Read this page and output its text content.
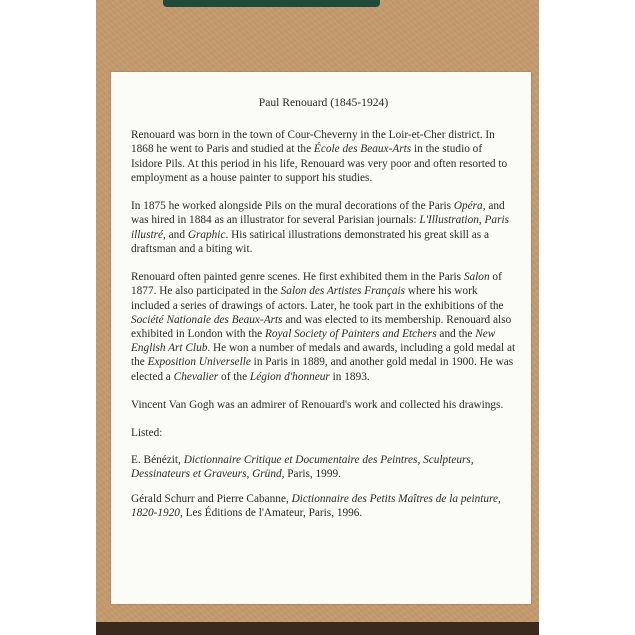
Paul Renouard (1845-1924)

Renouard was born in the town of Cour-Cheverny in the Loir-et-Cher district. In 1868 he went to Paris and studied at the École des Beaux-Arts in the studio of Isidore Pils. At this period in his life, Renouard was very poor and often resorted to employment as a house painter to support his studies.

In 1875 he worked alongside Pils on the mural decorations of the Paris Opéra, and was hired in 1884 as an illustrator for several Parisian journals: L'Illustration, Paris illustré, and Graphic. His satirical illustrations demonstrated his great skill as a draftsman and a biting wit.

Renouard often painted genre scenes. He first exhibited them in the Paris Salon of 1877. He also participated in the Salon des Artistes Français where his work included a series of drawings of actors. Later, he took part in the exhibitions of the Société Nationale des Beaux-Arts and was elected to its membership. Renouard also exhibited in London with the Royal Society of Painters and Etchers and the New English Art Club. He won a number of medals and awards, including a gold medal at the Exposition Universelle in Paris in 1889, and another gold medal in 1900. He was elected a Chevalier of the Légion d'honneur in 1893.

Vincent Van Gogh was an admirer of Renouard's work and collected his drawings.

Listed:

E. Bénézit, Dictionnaire Critique et Documentaire des Peintres, Sculpteurs, Dessinateurs et Graveurs, Gründ, Paris, 1999.

Gérald Schurr and Pierre Cabanne, Dictionnaire des Petits Maîtres de la peinture, 1820-1920, Les Éditions de l'Amateur, Paris, 1996.
